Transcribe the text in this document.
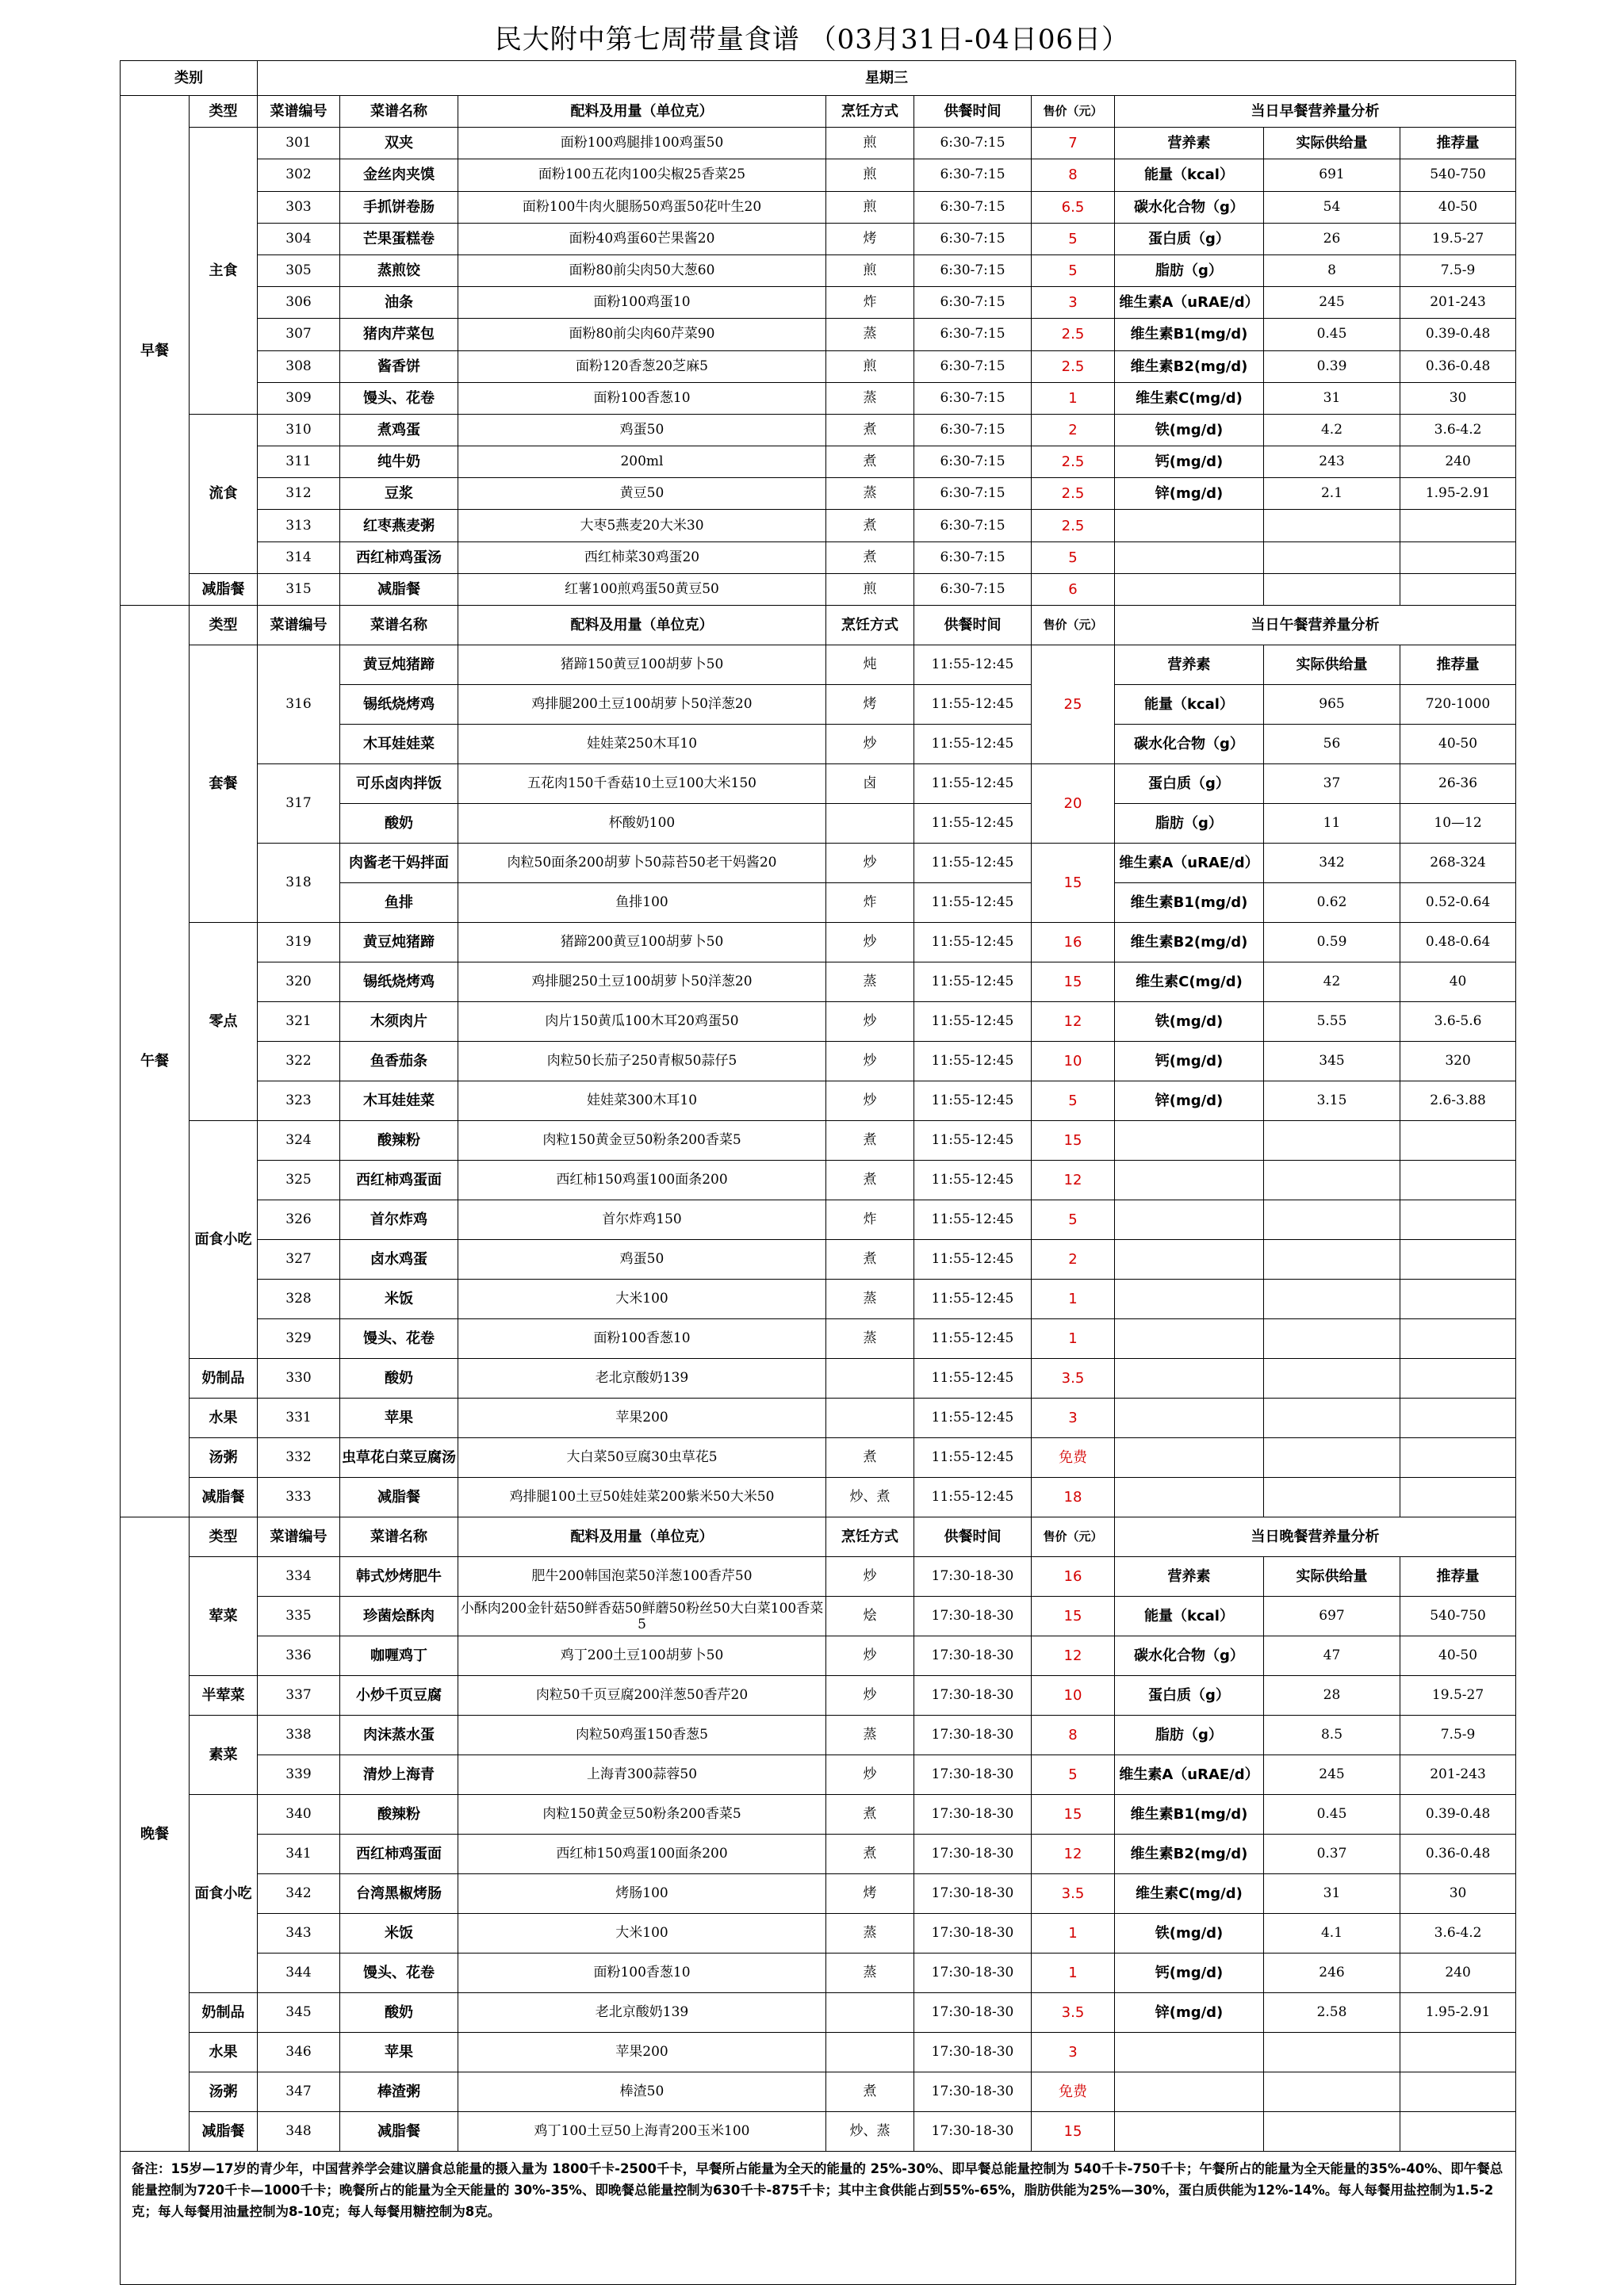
民大附中第七周带量食谱 （03月31日-04日06日）
类别		星期三								
早餐	类型	菜谱编号	菜谱名称	配料及用量（单位克）	烹饪方式	供餐时间	售价（元）	当日早餐营养量分析		
	主食	301	双夹	面粉100鸡腿排100鸡蛋50	煎	6:30-7:15	7	营养素	实际供给量	推荐量
		302	金丝肉夹馍	面粉100五花肉100尖椒25香菜25	煎	6:30-7:15	8	能量（kcal）	691	540-750
		303	手抓饼卷肠	面粉100牛肉火腿肠50鸡蛋50花叶生20	煎	6:30-7:15	6.5	碳水化合物（g）	54	40-50
		304	芒果蛋糕卷	面粉40鸡蛋60芒果酱20	烤	6:30-7:15	5	蛋白质（g）	26	19.5-27
		305	蒸煎饺	面粉80前尖肉50大葱60	煎	6:30-7:15	5	脂肪（g）	8	7.5-9
		306	油条	面粉100鸡蛋10	炸	6:30-7:15	3	维生素A（uRAE/d）	245	201-243
		307	猪肉芹菜包	面粉80前尖肉60芹菜90	蒸	6:30-7:15	2.5	维生素B1(mg/d)	0.45	0.39-0.48
		308	酱香饼	面粉120香葱20芝麻5	煎	6:30-7:15	2.5	维生素B2(mg/d)	0.39	0.36-0.48
		309	馒头、花卷	面粉100香葱10	蒸	6:30-7:15	1	维生素C(mg/d)	31	30
	流食	310	煮鸡蛋	鸡蛋50	煮	6:30-7:15	2	铁(mg/d)	4.2	3.6-4.2
		311	纯牛奶	200ml	煮	6:30-7:15	2.5	钙(mg/d)	243	240
		312	豆浆	黄豆50	蒸	6:30-7:15	2.5	锌(mg/d)	2.1	1.95-2.91
		313	红枣燕麦粥	大枣5燕麦20大米30	煮	6:30-7:15	2.5			
		314	西红柿鸡蛋汤	西红柿菜30鸡蛋20	煮	6:30-7:15	5			
	减脂餐	315	减脂餐	红薯100煎鸡蛋50黄豆50	煎	6:30-7:15	6			
午餐	类型	菜谱编号	菜谱名称	配料及用量（单位克）	烹饪方式	供餐时间	售价（元）	当日午餐营养量分析		
	套餐	316	黄豆炖猪蹄	猪蹄150黄豆100胡萝卜50	炖	11:55-12:45	25	营养素	实际供给量	推荐量
			锡纸烧烤鸡	鸡排腿200土豆100胡萝卜50洋葱20	烤	11:55-12:45		能量（kcal）	965	720-1000
			木耳娃娃菜	娃娃菜250木耳10	炒	11:55-12:45		碳水化合物（g）	56	40-50
		317	可乐卤肉拌饭	五花肉150千香菇10土豆100大米150	卤	11:55-12:45	20	蛋白质（g）	37	26-36
			酸奶	杯酸奶100		11:55-12:45		脂肪（g）	11	10—12
		318	肉酱老干妈拌面	肉粒50面条200胡萝卜50蒜苔50老干妈酱20	炒	11:55-12:45	15	维生素A（uRAE/d）	342	268-324
			鱼排	鱼排100	炸	11:55-12:45		维生素B1(mg/d)	0.62	0.52-0.64
	零点	319	黄豆炖猪蹄	猪蹄200黄豆100胡萝卜50	炒	11:55-12:45	16	维生素B2(mg/d)	0.59	0.48-0.64
		320	锡纸烧烤鸡	鸡排腿250土豆100胡萝卜50洋葱20	蒸	11:55-12:45	15	维生素C(mg/d)	42	40
		321	木须肉片	肉片150黄瓜100木耳20鸡蛋50	炒	11:55-12:45	12	铁(mg/d)	5.55	3.6-5.6
		322	鱼香茄条	肉粒50长茄子250青椒50蒜仔5	炒	11:55-12:45	10	钙(mg/d)	345	320
		323	木耳娃娃菜	娃娃菜300木耳10	炒	11:55-12:45	5	锌(mg/d)	3.15	2.6-3.88
	面食小吃	324	酸辣粉	肉粒150黄金豆50粉条200香菜5	煮	11:55-12:45	15			
		325	西红柿鸡蛋面	西红柿150鸡蛋100面条200	煮	11:55-12:45	12			
		326	首尔炸鸡	首尔炸鸡150	炸	11:55-12:45	5			
		327	卤水鸡蛋	鸡蛋50	煮	11:55-12:45	2			
		328	米饭	大米100	蒸	11:55-12:45	1			
		329	馒头、花卷	面粉100香葱10	蒸	11:55-12:45	1			
	奶制品	330	酸奶	老北京酸奶139		11:55-12:45	3.5			
	水果	331	苹果	苹果200		11:55-12:45	3			
	汤粥	332	虫草花白菜豆腐汤	大白菜50豆腐30虫草花5	煮	11:55-12:45	免费			
	减脂餐	333	减脂餐	鸡排腿100土豆50娃娃菜200紫米50大米50	炒、煮	11:55-12:45	18			
晚餐	类型	菜谱编号	菜谱名称	配料及用量（单位克）	烹饪方式	供餐时间	售价（元）	当日晚餐营养量分析		
	荤菜	334	韩式炒烤肥牛	肥牛200韩国泡菜50洋葱100香芹50	炒	17:30-18-30	16	营养素	实际供给量	推荐量
		335	珍菌烩酥肉	小酥肉200金针菇50鲜香菇50鲜蘑50粉丝50大白菜100香菜5	烩	17:30-18-30	15	能量（kcal）	697	540-750
		336	咖喱鸡丁	鸡丁200土豆100胡萝卜50	炒	17:30-18-30	12	碳水化合物（g）	47	40-50
	半荤菜	337	小炒千页豆腐	肉粒50千页豆腐200洋葱50香芹20	炒	17:30-18-30	10	蛋白质（g）	28	19.5-27
	素菜	338	肉沫蒸水蛋	肉粒50鸡蛋150香葱5	蒸	17:30-18-30	8	脂肪（g）	8.5	7.5-9
		339	清炒上海青	上海青300蒜蓉50	炒	17:30-18-30	5	维生素A（uRAE/d）	245	201-243
	面食小吃	340	酸辣粉	肉粒150黄金豆50粉条200香菜5	煮	17:30-18-30	15	维生素B1(mg/d)	0.45	0.39-0.48
		341	西红柿鸡蛋面	西红柿150鸡蛋100面条200	煮	17:30-18-30	12	维生素B2(mg/d)	0.37	0.36-0.48
		342	台湾黑椒烤肠	烤肠100	烤	17:30-18-30	3.5	维生素C(mg/d)	31	30
		343	米饭	大米100	蒸	17:30-18-30	1	铁(mg/d)	4.1	3.6-4.2
		344	馒头、花卷	面粉100香葱10	蒸	17:30-18-30	1	钙(mg/d)	246	240
	奶制品	345	酸奶	老北京酸奶139		17:30-18-30	3.5	锌(mg/d)	2.58	1.95-2.91
	水果	346	苹果	苹果200		17:30-18-30	3			
	汤粥	347	棒渣粥	棒渣50	煮	17:30-18-30	免费			
	减脂餐	348	减脂餐	鸡丁100土豆50上海青200玉米100	炒、蒸	17:30-18-30	15			
备注：15岁—17岁的青少年，中国营养学会建议膳食总能量的摄入量为 1800千卡-2500千卡，早餐所占能量为全天的能量的 25%-30%、即早餐总能量控制为 540千卡-750千卡；午餐所占的能量为全天能量的35%-40%、即午餐总能量控制为720千卡—1000千卡；晚餐所占的能量为全天能量的 30%-35%、即晚餐总能量控制为630千卡-875千卡；其中主食供能占到55%-65%，脂肪供能为25%—30%，蛋白质供能为12%-14%。每人每餐用盐控制为1.5-2克；每人每餐用油量控制为8-10克；每人每餐用糖控制为8克。										
